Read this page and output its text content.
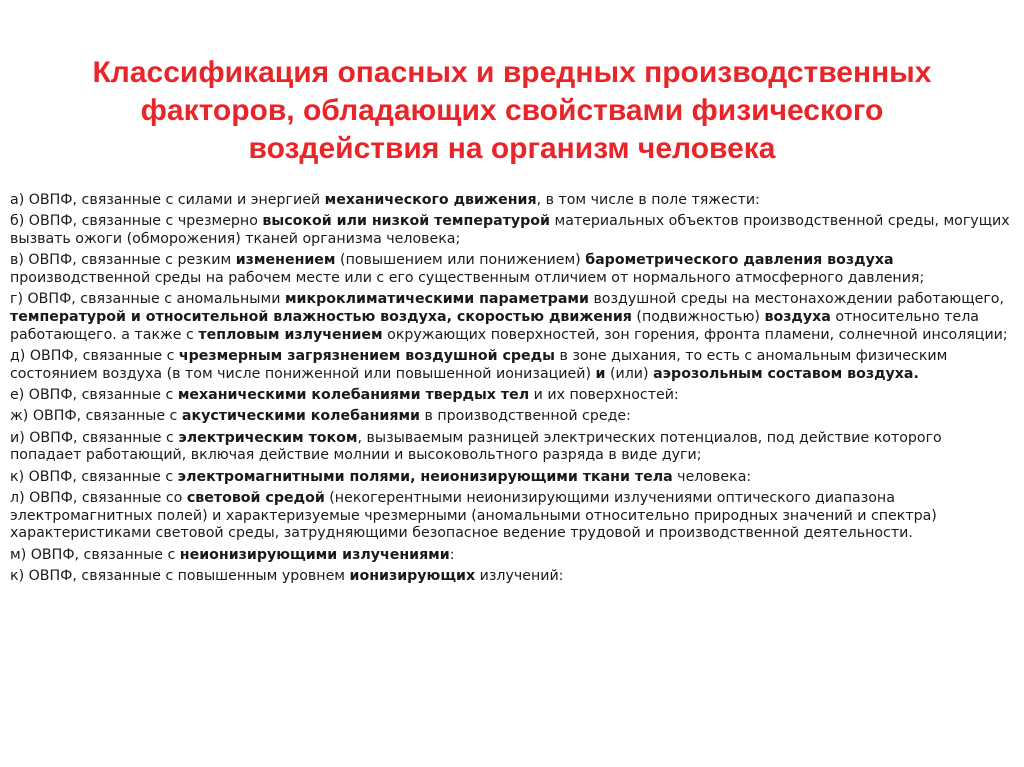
Классификация опасных и вредных производственных
факторов, обладающих свойствами физического
воздействия на организм человека
а) ОВПФ, связанные с силами и энергией механического движения, в том числе в поле тяжести:
б) ОВПФ, связанные с чрезмерно высокой или низкой температурой материальных объектов производственной среды, могущих вызвать ожоги (обморожения) тканей организма человека;
в) ОВПФ, связанные с резким изменением (повышением или понижением) барометрического давления воздуха производственной среды на рабочем месте или с его существенным отличием от нормального атмосферного давления;
г) ОВПФ, связанные с аномальными микроклиматическими параметрами воздушной среды на местонахождении работающего, температурой и относительной влажностью воздуха, скоростью движения (подвижностью) воздуха относительно тела работающего. а также с тепловым излучением окружающих поверхностей, зон горения, фронта пламени, солнечной инсоляции;
д) ОВПФ, связанные с чрезмерным загрязнением воздушной среды в зоне дыхания, то есть с аномальным физическим состоянием воздуха (в том числе пониженной или повышенной ионизацией) и (или) аэрозольным составом воздуха.
е) ОВПФ, связанные с механическими колебаниями твердых тел и их поверхностей:
ж) ОВПФ, связанные с акустическими колебаниями в производственной среде:
и) ОВПФ, связанные с электрическим током, вызываемым разницей электрических потенциалов, под действие которого попадает работающий, включая действие молнии и высоковольтного разряда в виде дуги;
к) ОВПФ, связанные с электромагнитными полями, неионизирующими ткани тела человека:
л) ОВПФ, связанные со световой средой (некогерентными неионизирующими излучениями оптического диапазона электромагнитных полей) и характеризуемые чрезмерными (аномальными относительно природных значений и спектра) характеристиками световой среды, затрудняющими безопасное ведение трудовой и производственной деятельности.
м) ОВПФ, связанные с неионизирующими излучениями:
к) ОВПФ, связанные с повышенным уровнем ионизирующих излучений:
